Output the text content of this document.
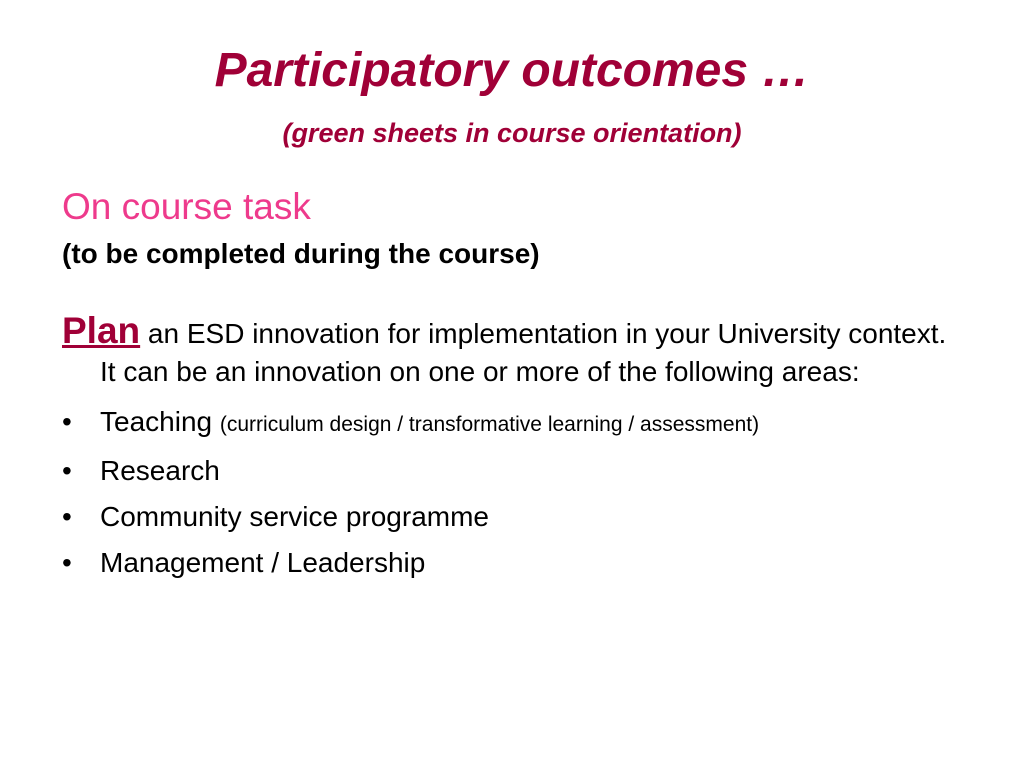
Participatory outcomes …
(green sheets in course orientation)

On course task

(to be completed during the course)

Plan an ESD innovation for implementation in your University context. It can be an innovation on one or more of the following areas:

• Teaching (curriculum design / transformative learning / assessment)
• Research
• Community service programme
• Management / Leadership
